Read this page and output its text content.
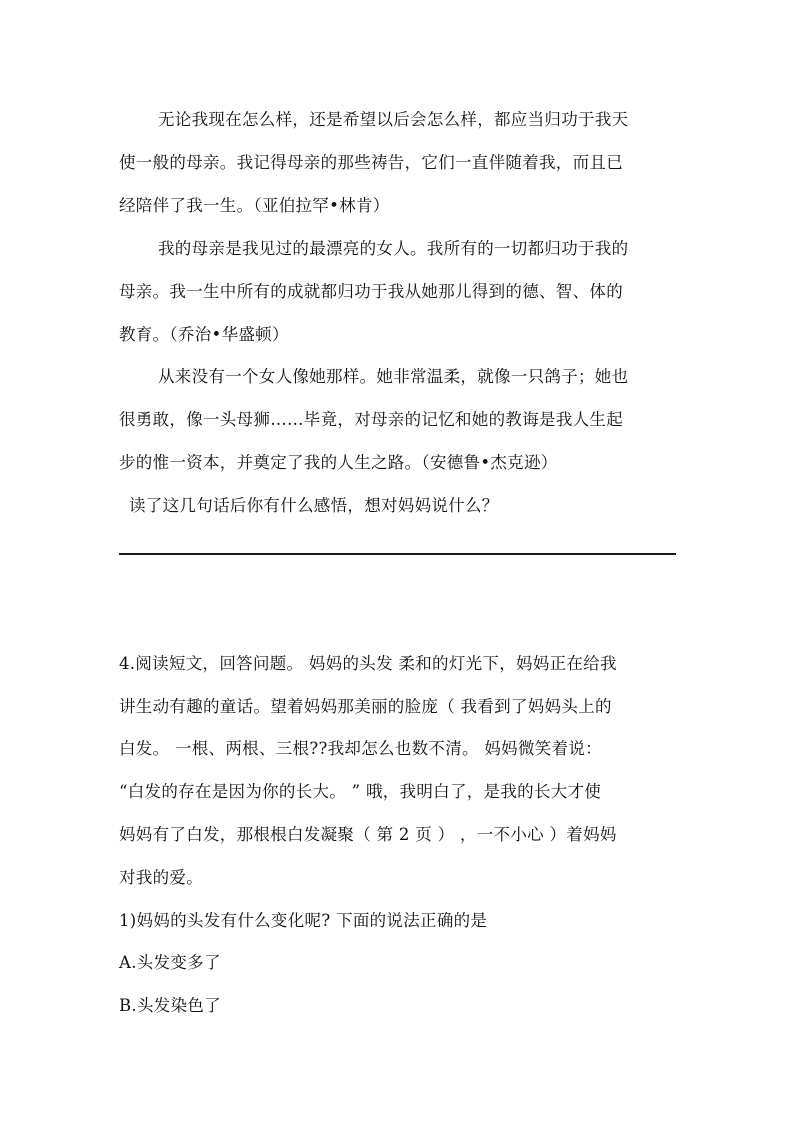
无论我现在怎么样，还是希望以后会怎么样，都应当归功于我天
使一般的母亲。我记得母亲的那些祷告，它们一直伴随着我，而且已
经陪伴了我一生。（亚伯拉罕•林肯）
我的母亲是我见过的最漂亮的女人。我所有的一切都归功于我的
母亲。我一生中所有的成就都归功于我从她那儿得到的德、智、体的
教育。（乔治•华盛顿）
从来没有一个女人像她那样。她非常温柔，就像一只鸽子；她也
很勇敢，像一头母狮……毕竟，对母亲的记忆和她的教诲是我人生起
步的惟一资本，并奠定了我的人生之路。（安德鲁•杰克逊）
读了这几句话后你有什么感悟，想对妈妈说什么？
4.阅读短文，回答问题。 妈妈的头发 柔和的灯光下，妈妈正在给我
讲生动有趣的童话。望着妈妈那美丽的脸庞（ 我看到了妈妈头上的
白发。 一根、两根、三根??我却怎么也数不清。 妈妈微笑着说：
“白发的存在是因为你的长大。 ” 哦，我明白了，是我的长大才使
妈妈有了白发，那根根白发凝聚（ 第 2 页 ） ，一不小心 ）着妈妈
对我的爱。
1)妈妈的头发有什么变化呢? 下面的说法正确的是
A.头发变多了
B.头发染色了
